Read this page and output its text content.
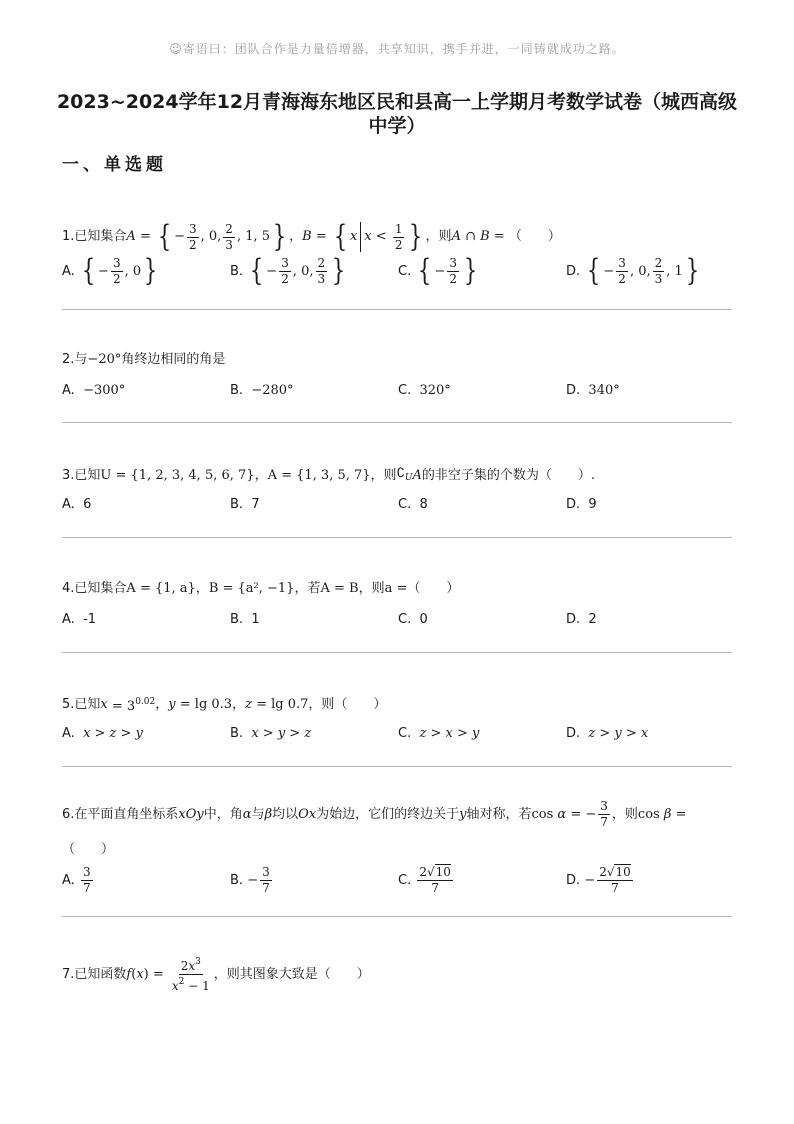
☺寄语曰：团队合作是力量倍增器，共享知识，携手并进，一同铸就成功之路。
2023~2024学年12月青海海东地区民和县高一上学期月考数学试卷（城西高级
中学）
一、单选题
1. 已知集合 A = { − $\frac{3}{2}$ , 0, $\frac{2}{3}$ , 1, 5 } ， B = { x $x < \frac{1}{2}$ } ，则 A ∩ B = （　　）
A.
{ − $\frac{3}{2}$ , 0 }	B.
{ − $\frac{3}{2}$ , 0, $\frac{2}{3}$ }	C.
{ − $\frac{3}{2}$ }	D.
{ − $\frac{3}{2}$ , 0, $\frac{2}{3}$ , 1 }
2. 与 −20° 角终边相同的角是
A.
−300°	B.
−280°	C.
320°	D.
340°
3. 已知 U = {1, 2, 3, 4, 5, 6, 7} ， A = {1, 3, 5, 7} ，则 $∁_U$ A 的非空子集的个数为（　　）.
A.
6	B.
7	C.
8	D.
9
4. 已知集合 A = {1, a} ， B = {a², −1} ，若 A = B ，则 a = （　　）
A.
-1	B.
1	C.
0	D.
2
5. 已知 $x = 3^{0.02}$ ， y = lg 0.3 ， z = lg 0.7 ，则（　　）
A.
x > z > y	B.
x > y > z	C.
z > x > y	D.
z > y > x
6. 在平面直角坐标系 xOy 中，角 α 与 β 均以 Ox 为始边，它们的终边关于 y 轴对称，若 cos α = − $\frac{3}{7}$ ，则 cos β =
（　　）
A.
$\frac{3}{7}$	B.
− $\frac{3}{7}$	C.
$\frac{2√10}{7}$	D.
− $\frac{2√10}{7}$
7. 已知函数 f ( x ) = $\frac{2x^3}{x^2 - 1}$ ，则其图象大致是（　　）
